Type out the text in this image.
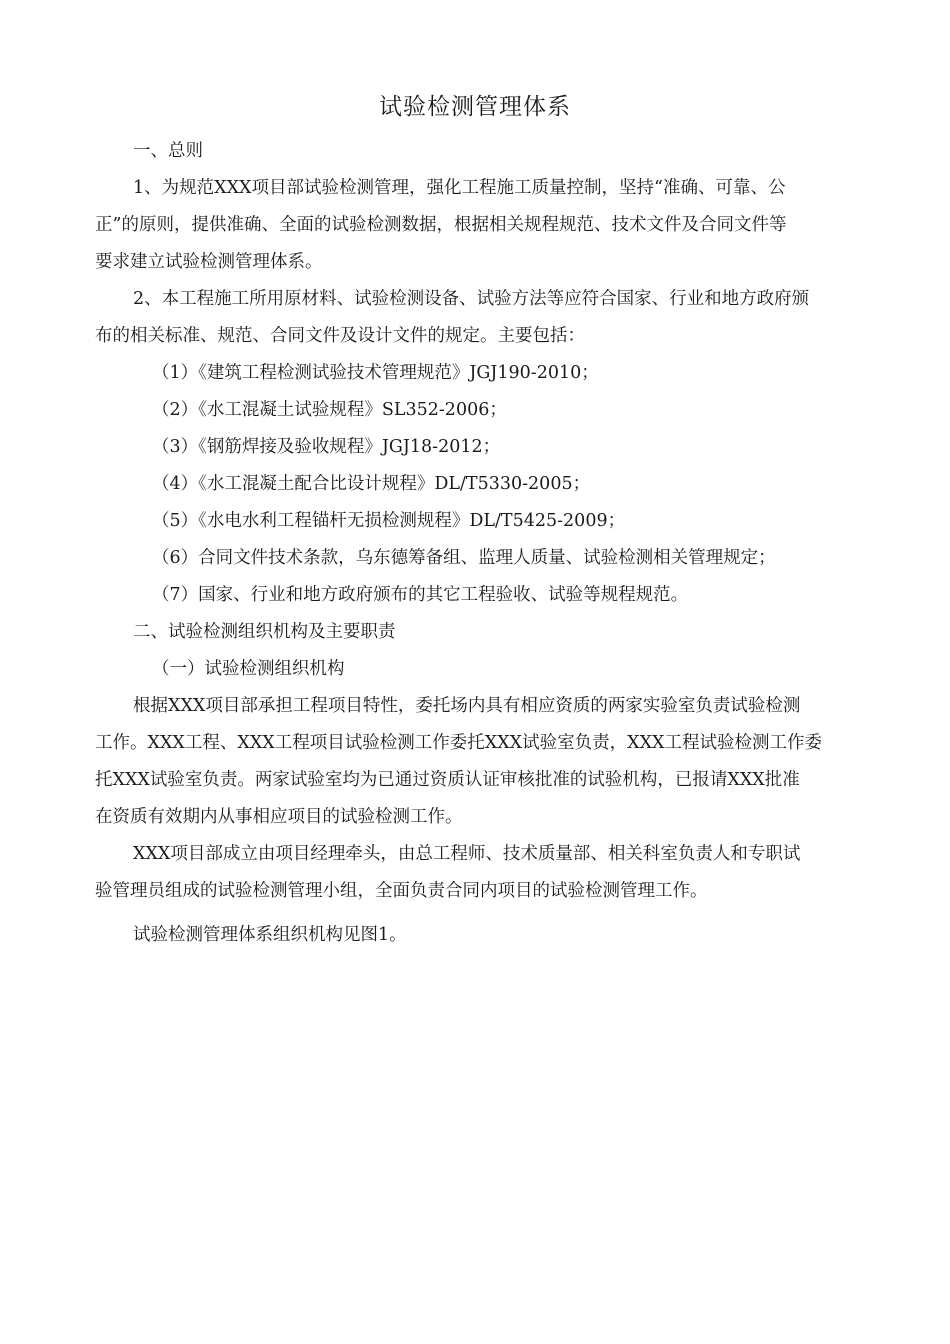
试验检测管理体系
一、总则
1、为规范XXX项目部试验检测管理，强化工程施工质量控制，坚持“准确、可靠、公
正”的原则，提供准确、全面的试验检测数据，根据相关规程规范、技术文件及合同文件等
要求建立试验检测管理体系。
2、本工程施工所用原材料、试验检测设备、试验方法等应符合国家、行业和地方政府颁
布的相关标准、规范、合同文件及设计文件的规定。主要包括：
（1）《建筑工程检测试验技术管理规范》JGJ190-2010；
（2）《水工混凝土试验规程》SL352-2006；
（3）《钢筋焊接及验收规程》JGJ18-2012；
（4）《水工混凝土配合比设计规程》DL/T5330-2005；
（5）《水电水利工程锚杆无损检测规程》DL/T5425-2009；
（6）合同文件技术条款，乌东德筹备组、监理人质量、试验检测相关管理规定；
（7）国家、行业和地方政府颁布的其它工程验收、试验等规程规范。
二、试验检测组织机构及主要职责
（一）试验检测组织机构
根据XXX项目部承担工程项目特性，委托场内具有相应资质的两家实验室负责试验检测
工作。XXX工程、XXX工程项目试验检测工作委托XXX试验室负责，XXX工程试验检测工作委
托XXX试验室负责。两家试验室均为已通过资质认证审核批准的试验机构，已报请XXX批准
在资质有效期内从事相应项目的试验检测工作。
XXX项目部成立由项目经理牵头，由总工程师、技术质量部、相关科室负责人和专职试
验管理员组成的试验检测管理小组，全面负责合同内项目的试验检测管理工作。
试验检测管理体系组织机构见图1。
